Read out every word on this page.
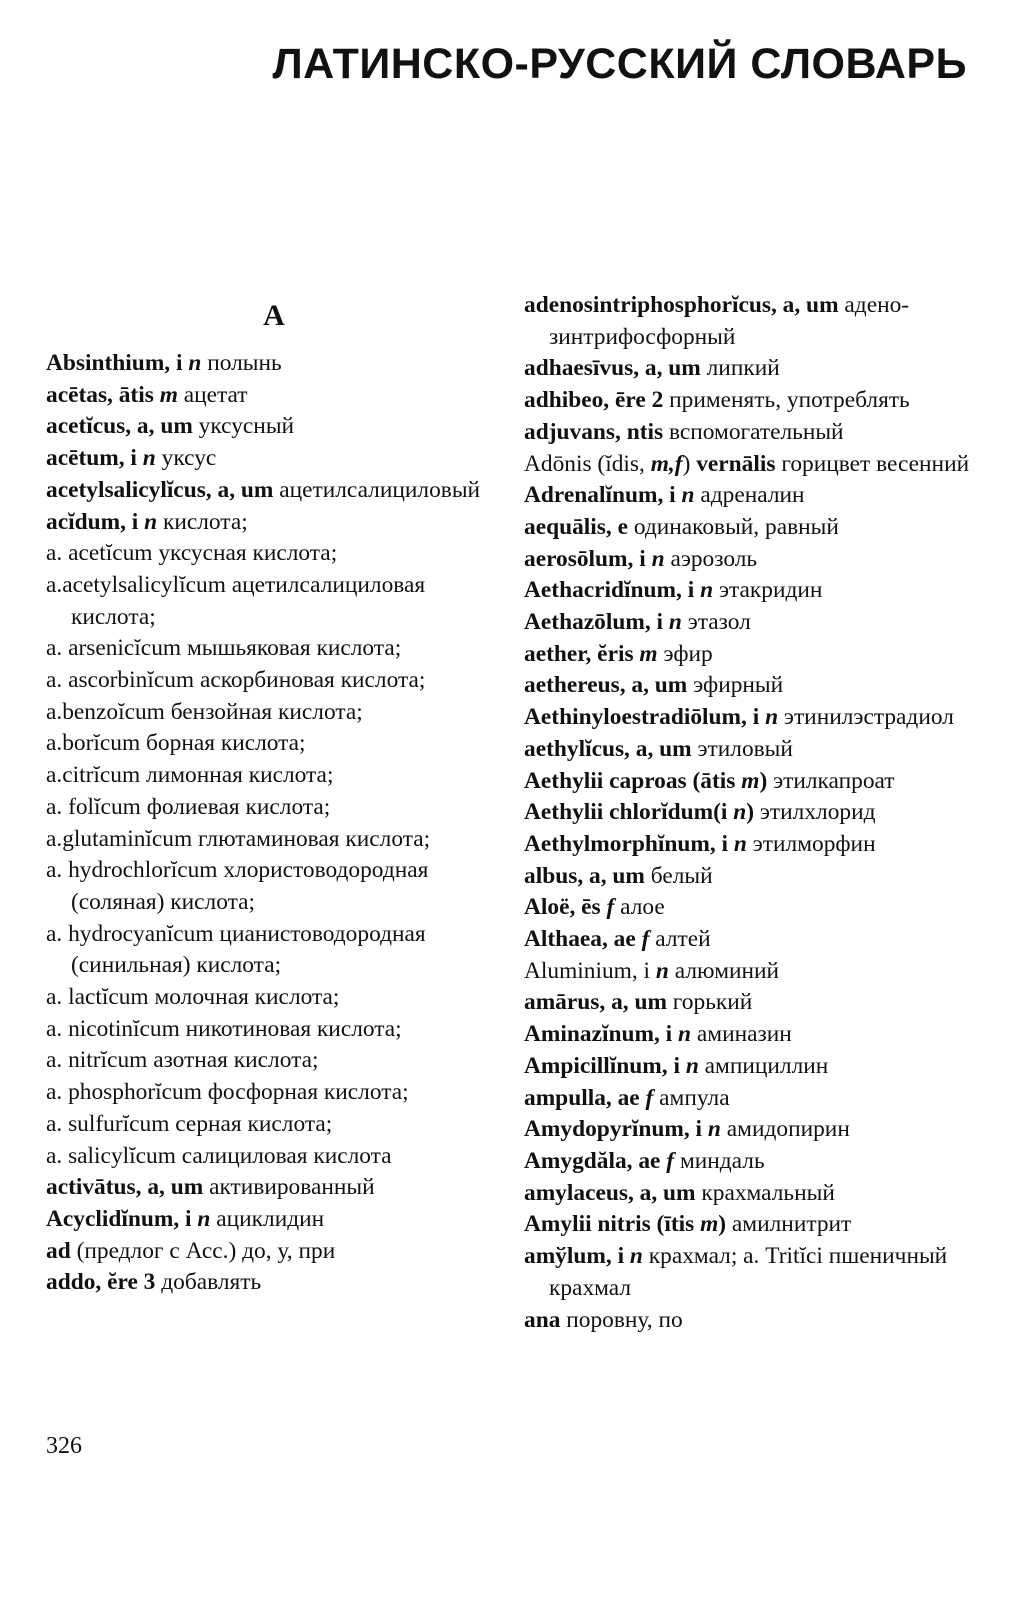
ЛАТИНСКО-РУССКИЙ СЛОВАРЬ
А
Absinthium, i n полынь
acētas, ātis m ацетат
acetĭcus, a, um уксусный
acētum, i n уксус
acetylsalicylĭcus, a, um ацетилсалициловый
acĭdum, i n кислота;
a. acetĭcum уксусная кислота;
a.acetylsalicylĭcum ацетилсалициловая кислота;
a. arsenicĭcum мышьяковая кислота;
a. ascorbinĭcum аскорбиновая кислота;
a.benzoĭcum бензойная кислота;
a.borĭcum борная кислота;
a.citrĭcum лимонная кислота;
a. folĭcum фолиевая кислота;
a.glutaminĭcum глютаминовая кислота;
a. hydrochlorĭcum хлористоводородная (соляная) кислота;
a. hydrocyanĭcum цианистоводородная (синильная) кислота;
a. lactĭcum молочная кислота;
a. nicotinĭcum никотиновая кислота;
a. nitrĭcum азотная кислота;
a. phosphorĭcum фосфорная кислота;
a. sulfurĭcum серная кислота;
a. salicylĭcum салициловая кислота
activātus, a, um активированный
Acyclidĭnum, i n ациклидин
ad (предлог с Асс.) до, у, при
addo, ĕre 3 добавлять
adenosintriphosphorĭcus, a, um аденозинтрифосфорный
adhaesīvus, a, um липкий
adhibeo, ēre 2 применять, употреблять
adjuvans, ntis вспомогательный
Adōnis (ĭdis, m,f) vernālis горицвет весенний
Adrenalĭnum, i n адреналин
aequālis, e одинаковый, равный
aerosōlum, i n аэрозоль
Aethacridĭnum, i n этакридин
Aethazōlum, i n этазол
aether, ĕris m эфир
aethereus, a, um эфирный
Aethinyloestradiōlum, i n этинилэстрадиол
aethylĭcus, a, um этиловый
Aethylii caproas (ātis m) этилкапроат
Aethylii chlorĭdum(i n) этилхлорид
Aethylmorphĭnum, i n этилморфин
albus, a, um белый
Aloë, ēs f алое
Althaea, ae f алтей
Aluminium, i n алюминий
amārus, a, um горький
Aminazĭnum, i n аминазин
Ampicillĭnum, i n ампициллин
ampulla, ae f ампула
Amydopyrĭnum, i n амидопирин
Amygdăla, ae f миндаль
amylaceus, a, um крахмальный
Amylii nitris (ītis m) амилнитрит
amўlum, i n крахмал; а. Tritĭci пшеничный крахмал
ana поровну, по
326
